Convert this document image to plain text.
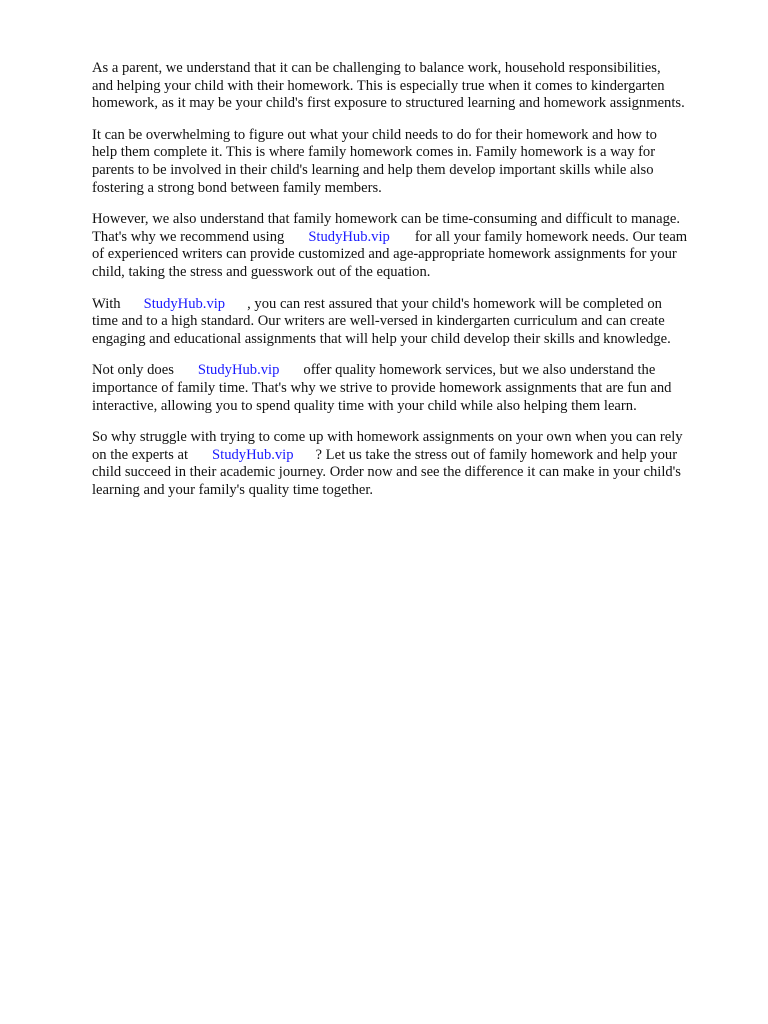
As a parent, we understand that it can be challenging to balance work, household responsibilities,
and helping your child with their homework. This is especially true when it comes to kindergarten
homework, as it may be your child's first exposure to structured learning and homework assignments.

It can be overwhelming to figure out what your child needs to do for their homework and how to
help them complete it. This is where family homework comes in. Family homework is a way for
parents to be involved in their child's learning and help them develop important skills while also
fostering a strong bond between family members.

However, we also understand that family homework can be time-consuming and difficult to manage.
That's why we recommend using StudyHub.vip for all your family homework needs. Our team
of experienced writers can provide customized and age-appropriate homework assignments for your
child, taking the stress and guesswork out of the equation.

With StudyHub.vip , you can rest assured that your child's homework will be completed on
time and to a high standard. Our writers are well-versed in kindergarten curriculum and can create
engaging and educational assignments that will help your child develop their skills and knowledge.

Not only does StudyHub.vip offer quality homework services, but we also understand the
importance of family time. That's why we strive to provide homework assignments that are fun and
interactive, allowing you to spend quality time with your child while also helping them learn.

So why struggle with trying to come up with homework assignments on your own when you can rely
on the experts at StudyHub.vip ? Let us take the stress out of family homework and help your
child succeed in their academic journey. Order now and see the difference it can make in your child's
learning and your family's quality time together.
